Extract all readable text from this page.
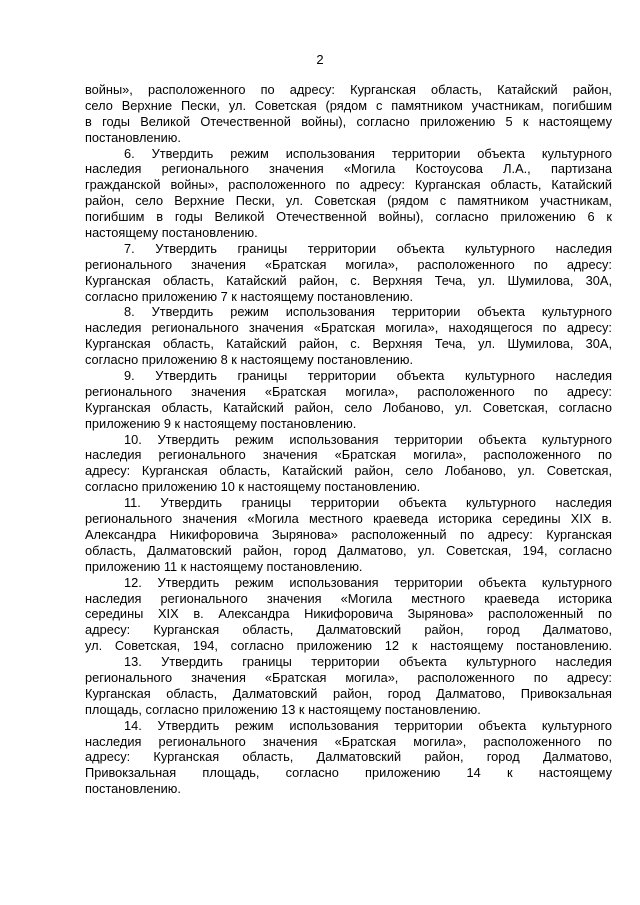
2
войны», расположенного по адресу: Курганская область, Катайский район,
село Верхние Пески, ул. Советская (рядом с памятником участникам, погибшим
в годы Великой Отечественной войны), согласно приложению 5 к настоящему
постановлению.
6. Утвердить режим использования территории объекта культурного
наследия регионального значения «Могила Костоусова Л.А., партизана
гражданской войны», расположенного по адресу: Курганская область, Катайский
район, село Верхние Пески, ул. Советская (рядом с памятником участникам,
погибшим в годы Великой Отечественной войны), согласно приложению 6 к
настоящему постановлению.
7. Утвердить границы территории объекта культурного наследия
регионального значения «Братская могила», расположенного по адресу:
Курганская область, Катайский район, с. Верхняя Теча, ул. Шумилова, 30А,
согласно приложению 7 к настоящему постановлению.
8. Утвердить режим использования территории объекта культурного
наследия регионального значения «Братская могила», находящегося по адресу:
Курганская область, Катайский район, с. Верхняя Теча, ул. Шумилова, 30А,
согласно приложению 8 к настоящему постановлению.
9. Утвердить границы территории объекта культурного наследия
регионального значения «Братская могила», расположенного по адресу:
Курганская область, Катайский район, село Лобаново, ул. Советская, согласно
приложению 9 к настоящему постановлению.
10. Утвердить режим использования территории объекта культурного
наследия регионального значения «Братская могила», расположенного по
адресу: Курганская область, Катайский район, село Лобаново, ул. Советская,
согласно приложению 10 к настоящему постановлению.
11. Утвердить границы территории объекта культурного наследия
регионального значения «Могила местного краеведа историка середины XIX в.
Александра Никифоровича Зырянова» расположенный по адресу: Курганская
область, Далматовский район, город Далматово, ул. Советская, 194, согласно
приложению 11 к настоящему постановлению.
12. Утвердить режим использования территории объекта культурного
наследия регионального значения «Могила местного краеведа историка
середины XIX в. Александра Никифоровича Зырянова» расположенный по
адресу: Курганская область, Далматовский район, город Далматово,
ул. Советская, 194, согласно приложению 12 к настоящему постановлению.
13. Утвердить границы территории объекта культурного наследия
регионального значения «Братская могила», расположенного по адресу:
Курганская область, Далматовский район, город Далматово, Привокзальная
площадь, согласно приложению 13 к настоящему постановлению.
14. Утвердить режим использования территории объекта культурного
наследия регионального значения «Братская могила», расположенного по
адресу: Курганская область, Далматовский район, город Далматово,
Привокзальная площадь, согласно приложению 14 к настоящему
постановлению.
